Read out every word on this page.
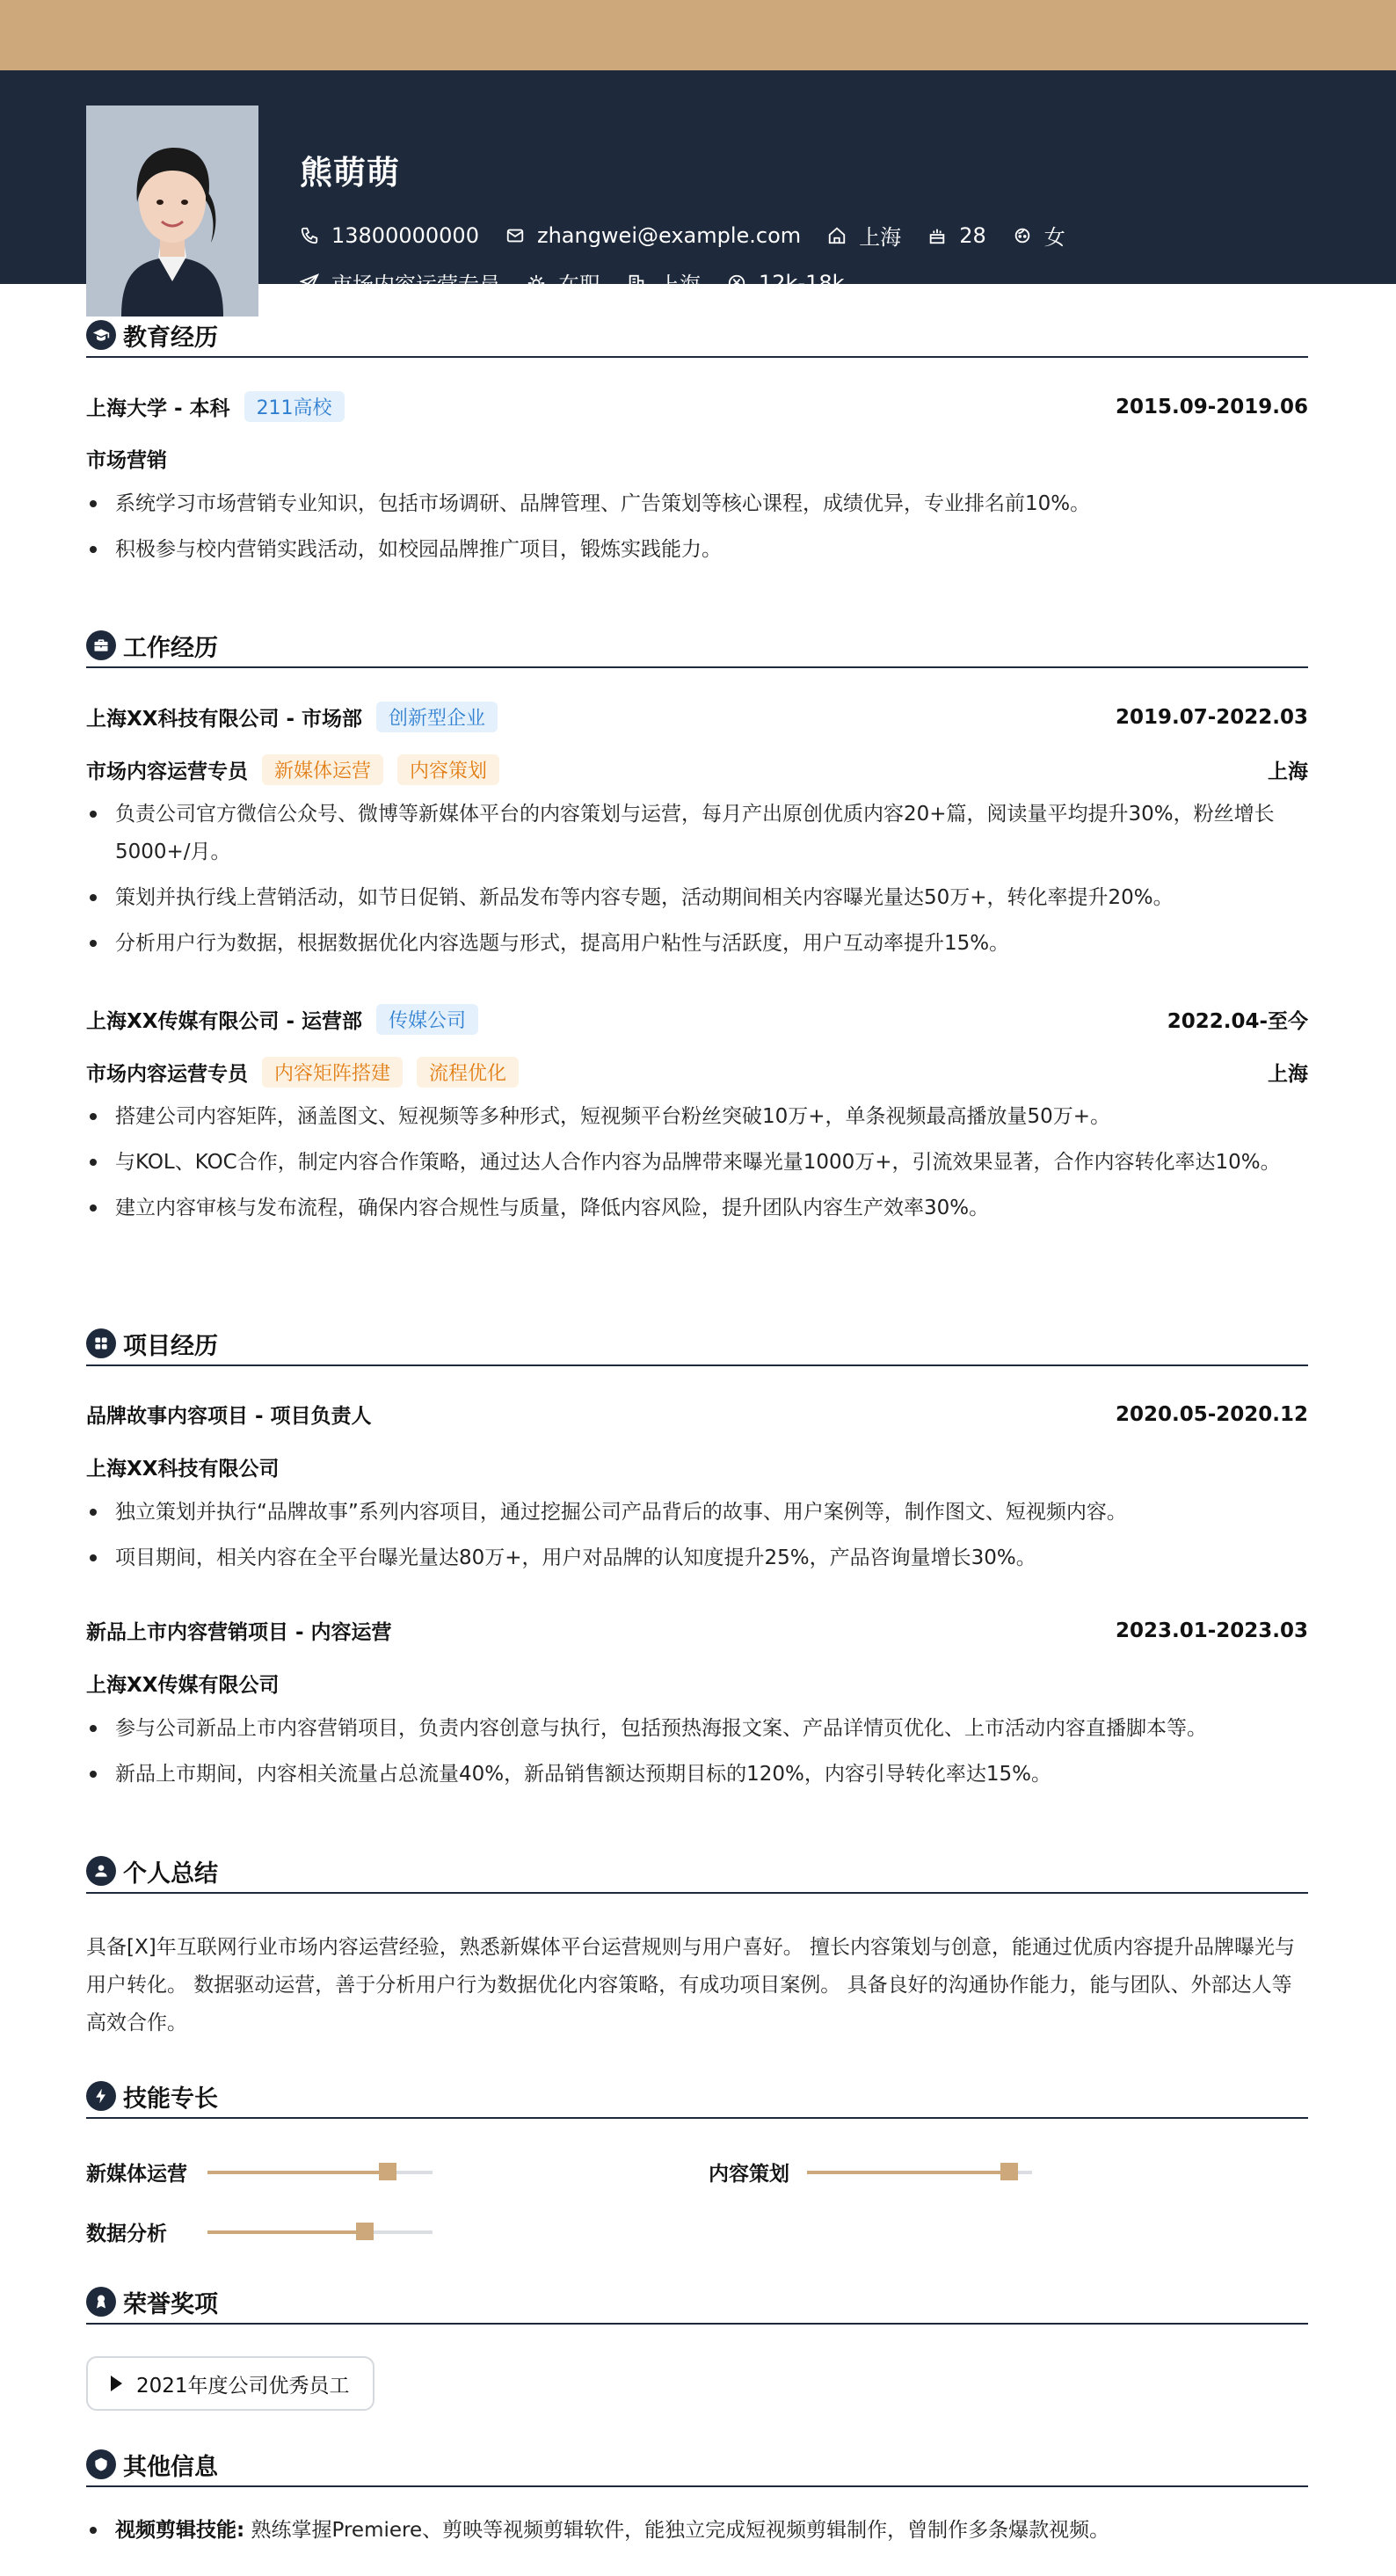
熊萌萌
13800000000	zhangwei@example.com	上海	28	女
市场内容运营专员	在职	上海	12k-18k
教育经历
上海大学 - 本科	211高校	2015.09-2019.06
市场营销
系统学习市场营销专业知识，包括市场调研、品牌管理、广告策划等核心课程，成绩优异，专业排名前10%。
积极参与校内营销实践活动，如校园品牌推广项目，锻炼实践能力。
工作经历
上海XX科技有限公司 - 市场部	创新型企业	2019.07-2022.03
市场内容运营专员	新媒体运营	内容策划	上海
负责公司官方微信公众号、微博等新媒体平台的内容策划与运营，每月产出原创优质内容20+篇，阅读量平均提升30%，粉丝增长5000+/月。
策划并执行线上营销活动，如节日促销、新品发布等内容专题，活动期间相关内容曝光量达50万+，转化率提升20%。
分析用户行为数据，根据数据优化内容选题与形式，提高用户粘性与活跃度，用户互动率提升15%。
上海XX传媒有限公司 - 运营部	传媒公司	2022.04-至今
市场内容运营专员	内容矩阵搭建	流程优化	上海
搭建公司内容矩阵，涵盖图文、短视频等多种形式，短视频平台粉丝突破10万+，单条视频最高播放量50万+。
与KOL、KOC合作，制定内容合作策略，通过达人合作内容为品牌带来曝光量1000万+，引流效果显著，合作内容转化率达10%。
建立内容审核与发布流程，确保内容合规性与质量，降低内容风险，提升团队内容生产效率30%。
项目经历
品牌故事内容项目 - 项目负责人	2020.05-2020.12
上海XX科技有限公司
独立策划并执行“品牌故事”系列内容项目，通过挖掘公司产品背后的故事、用户案例等，制作图文、短视频内容。
项目期间，相关内容在全平台曝光量达80万+，用户对品牌的认知度提升25%，产品咨询量增长30%。
新品上市内容营销项目 - 内容运营	2023.01-2023.03
上海XX传媒有限公司
参与公司新品上市内容营销项目，负责内容创意与执行，包括预热海报文案、产品详情页优化、上市活动内容直播脚本等。
新品上市期间，内容相关流量占总流量40%，新品销售额达预期目标的120%，内容引导转化率达15%。
个人总结
具备[X]年互联网行业市场内容运营经验，熟悉新媒体平台运营规则与用户喜好。 擅长内容策划与创意，能通过优质内容提升品牌曝光与用户转化。 数据驱动运营，善于分析用户行为数据优化内容策略，有成功项目案例。 具备良好的沟通协作能力，能与团队、外部达人等高效合作。
技能专长
新媒体运营	内容策划
数据分析
荣誉奖项
2021年度公司优秀员工
其他信息
视频剪辑技能: 熟练掌握Premiere、剪映等视频剪辑软件，能独立完成短视频剪辑制作，曾制作多条爆款视频。
